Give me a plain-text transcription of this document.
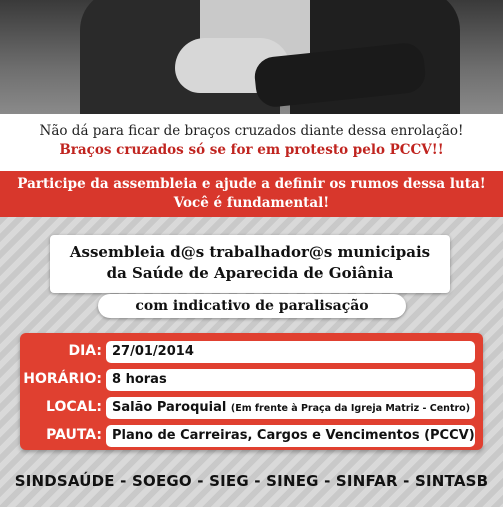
Não dá para ficar de braços cruzados diante dessa enrolação!
Braços cruzados só se for em protesto pelo PCCV!!
Participe da assembleia e ajude a definir os rumos dessa luta!
Você é fundamental!
Assembleia d@s trabalhador@s municipais
da Saúde de Aparecida de Goiânia
com indicativo de paralisação
DIA: 27/01/2014
HORÁRIO: 8 horas
LOCAL: Salão Paroquial (Em frente à Praça da Igreja Matriz - Centro)
PAUTA: Plano de Carreiras, Cargos e Vencimentos (PCCV)
SINDSAÚDE - SOEGO - SIEG - SINEG - SINFAR - SINTASB
